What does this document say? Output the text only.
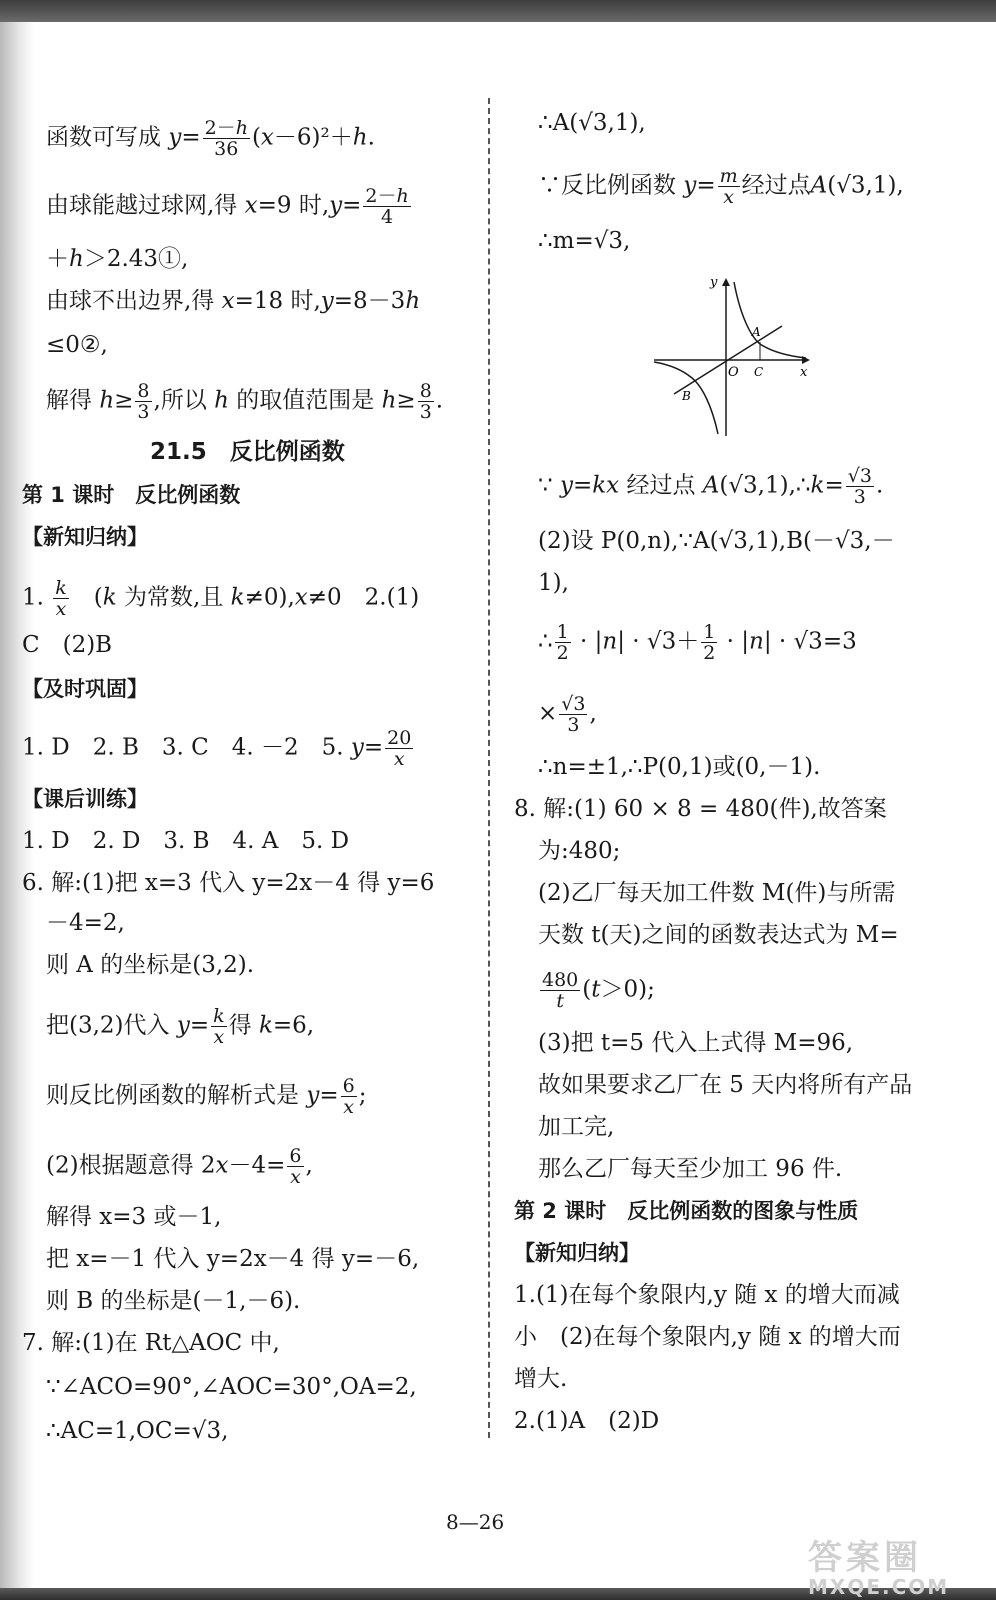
函数可写成 $y= \frac{2-h}{36} (x-6)^2+h$.
由球能越过球网,得 x=9 时$,y= \frac{2-h}{4}$
＋h＞2.43①,
由球不出边界,得 x=18 时,y=8－3h
≤0②,
解得 $h\ge \frac{8}{3}$ ,所以 h 的取值范围是 $h\ge \frac{8}{3}$ .
21.5　反比例函数
第 1 课时　反比例函数
【新知归纳】
1. $\frac{k}{x}$ 　(k 为常数,且 k≠0),x≠0　2.(1)
C　(2)B
【及时巩固】
1. D　2. B　3. C　4. －2　5. $y= \frac{20}{x}$
【课后训练】
1. D　2. D　3. B　4. A　5. D
6. 解:(1)把 x=3 代入 y=2x－4 得 y=6
－4=2,
则 A 的坐标是(3,2).
把(3,2)代入 $y= \frac{k}{x}$ 得 k=6,
则反比例函数的解析式是 $y= \frac{6}{x}$ ;
(2)根据题意得 $2x-4= \frac{6}{x}$ ,
解得 x=3 或－1,
把 x=－1 代入 y=2x－4 得 y=－6,
则 B 的坐标是(－1,－6).
7. 解:(1)在 Rt△AOC 中,
∵∠ACO=90°,∠AOC=30°,OA=2,
∴AC=1,OC=√3,
∴A(√3,1),
∵反比例函数 $y= \frac{m}{x}$ 经过点A(√3,1),
∴m=√3,
y
x
O
A
B
C
∵ y=kx 经过点 A(√3,1),∴k= $\frac{√3}{3}$ .
(2)设 P(0,n),∵A(√3,1),B(－√3,－
1),
∴ $\frac{1}{2} \cdot |n| \cdot √3+ \frac{1}{2} \cdot |n| \cdot √3=3$
× $\frac{√3}{3}$ ,
∴n=±1,∴P(0,1)或(0,－1).
8. 解:(1) 60 × 8 = 480(件),故答案
为:480;
(2)乙厂每天加工件数 M(件)与所需
天数 t(天)之间的函数表达式为 M=
$\frac{480}{t} (t>0)$;
(3)把 t=5 代入上式得 M=96,
故如果要求乙厂在 5 天内将所有产品
加工完,
那么乙厂每天至少加工 96 件.
第 2 课时　反比例函数的图象与性质
【新知归纳】
1.(1)在每个象限内,y 随 x 的增大而减
小　(2)在每个象限内,y 随 x 的增大而
增大.
2.(1)A　(2)D
8—26
答案圈
MXQE.COM
